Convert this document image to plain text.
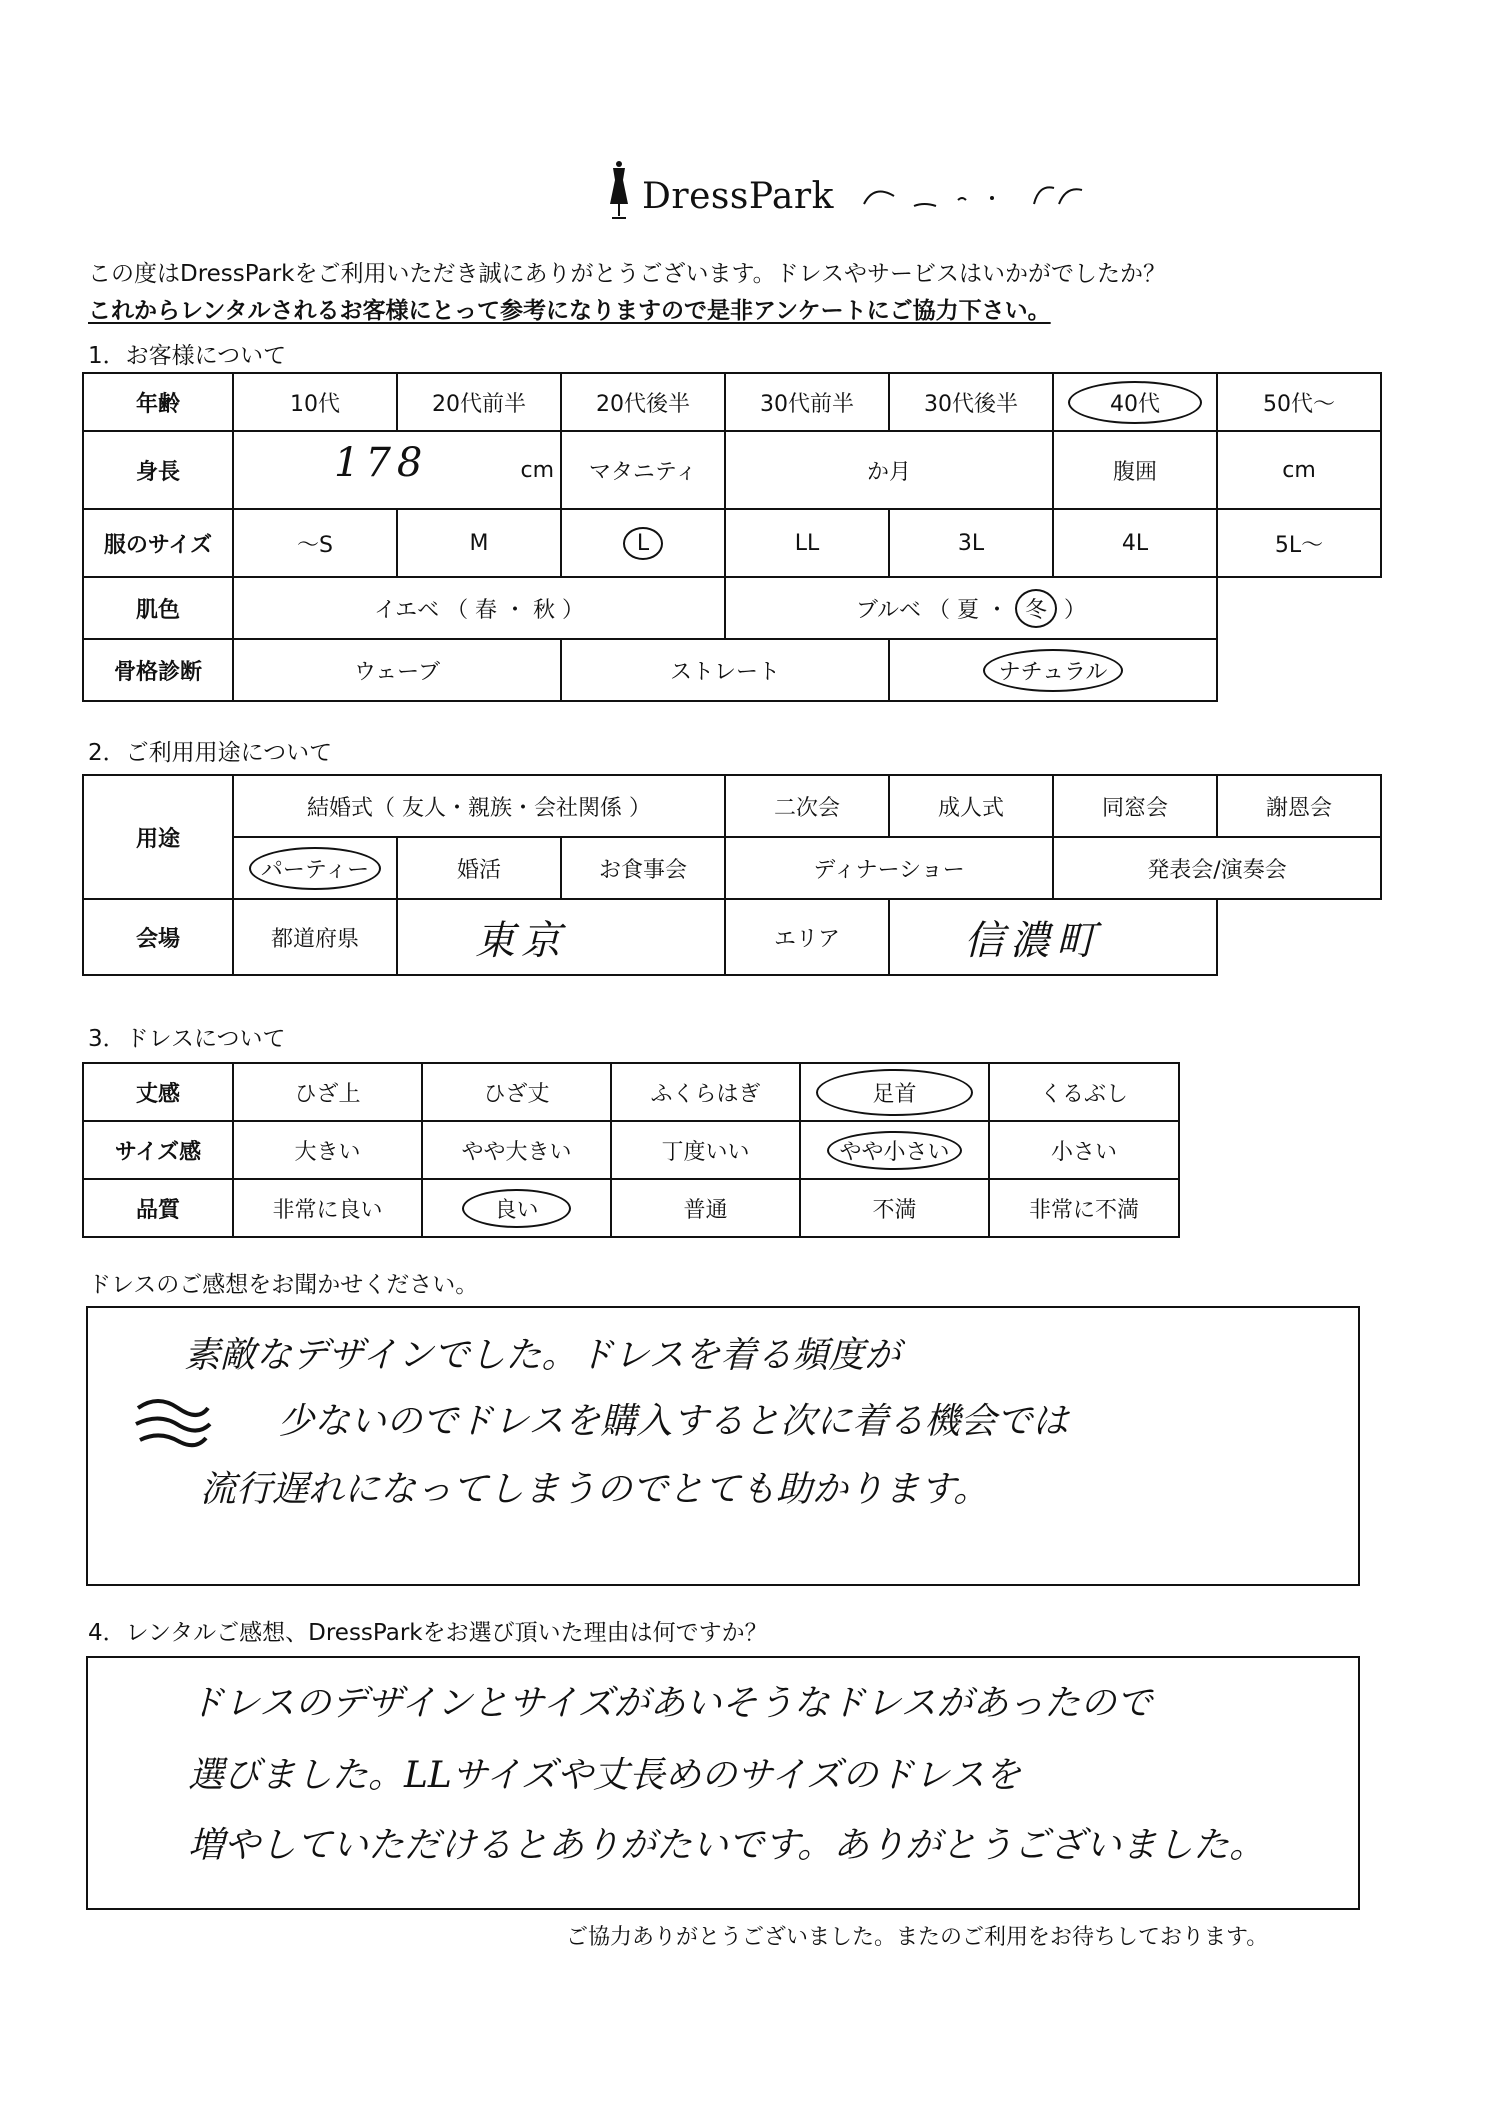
DressPark
この度はDressParkをご利用いただき誠にありがとうございます。ドレスやサービスはいかがでしたか？
これからレンタルされるお客様にとって参考になりますので是非アンケートにご協力下さい。
1．お客様について
年齢	10代	20代前半	20代後半	30代前半	30代後半	40代	50代～
身長	178 cm		マタニティ	か月		腹囲	cm
服のサイズ	～S	M	L	LL	3L	4L	5L～
肌色	イエベ （ 春 ・ 秋 ）			ブルベ （ 夏 ・ 冬 ）			
骨格診断	ウェーブ		ストレート		ナチュラル		
2．ご利用用途について
用途	結婚式（ 友人・親族・会社関係 ）			二次会	成人式	同窓会	謝恩会
	パーティー	婚活	お食事会	ディナーショー		発表会/演奏会	
会場	都道府県	東京		エリア	信濃町		
3．ドレスについて
丈感	ひざ上	ひざ丈	ふくらはぎ	足首	くるぶし
サイズ感	大きい	やや大きい	丁度いい	やや小さい	小さい
品質	非常に良い	良い	普通	不満	非常に不満
ドレスのご感想をお聞かせください。
素敵なデザインでした。ドレスを着る頻度が
少ないのでドレスを購入すると次に着る機会では
流行遅れになってしまうのでとても助かります。
4．レンタルご感想、DressParkをお選び頂いた理由は何ですか？
ドレスのデザインとサイズがあいそうなドレスがあったので
選びました。LLサイズや丈長めのサイズのドレスを
増やしていただけるとありがたいです。ありがとうございました。
ご協力ありがとうございました。またのご利用をお待ちしております。
